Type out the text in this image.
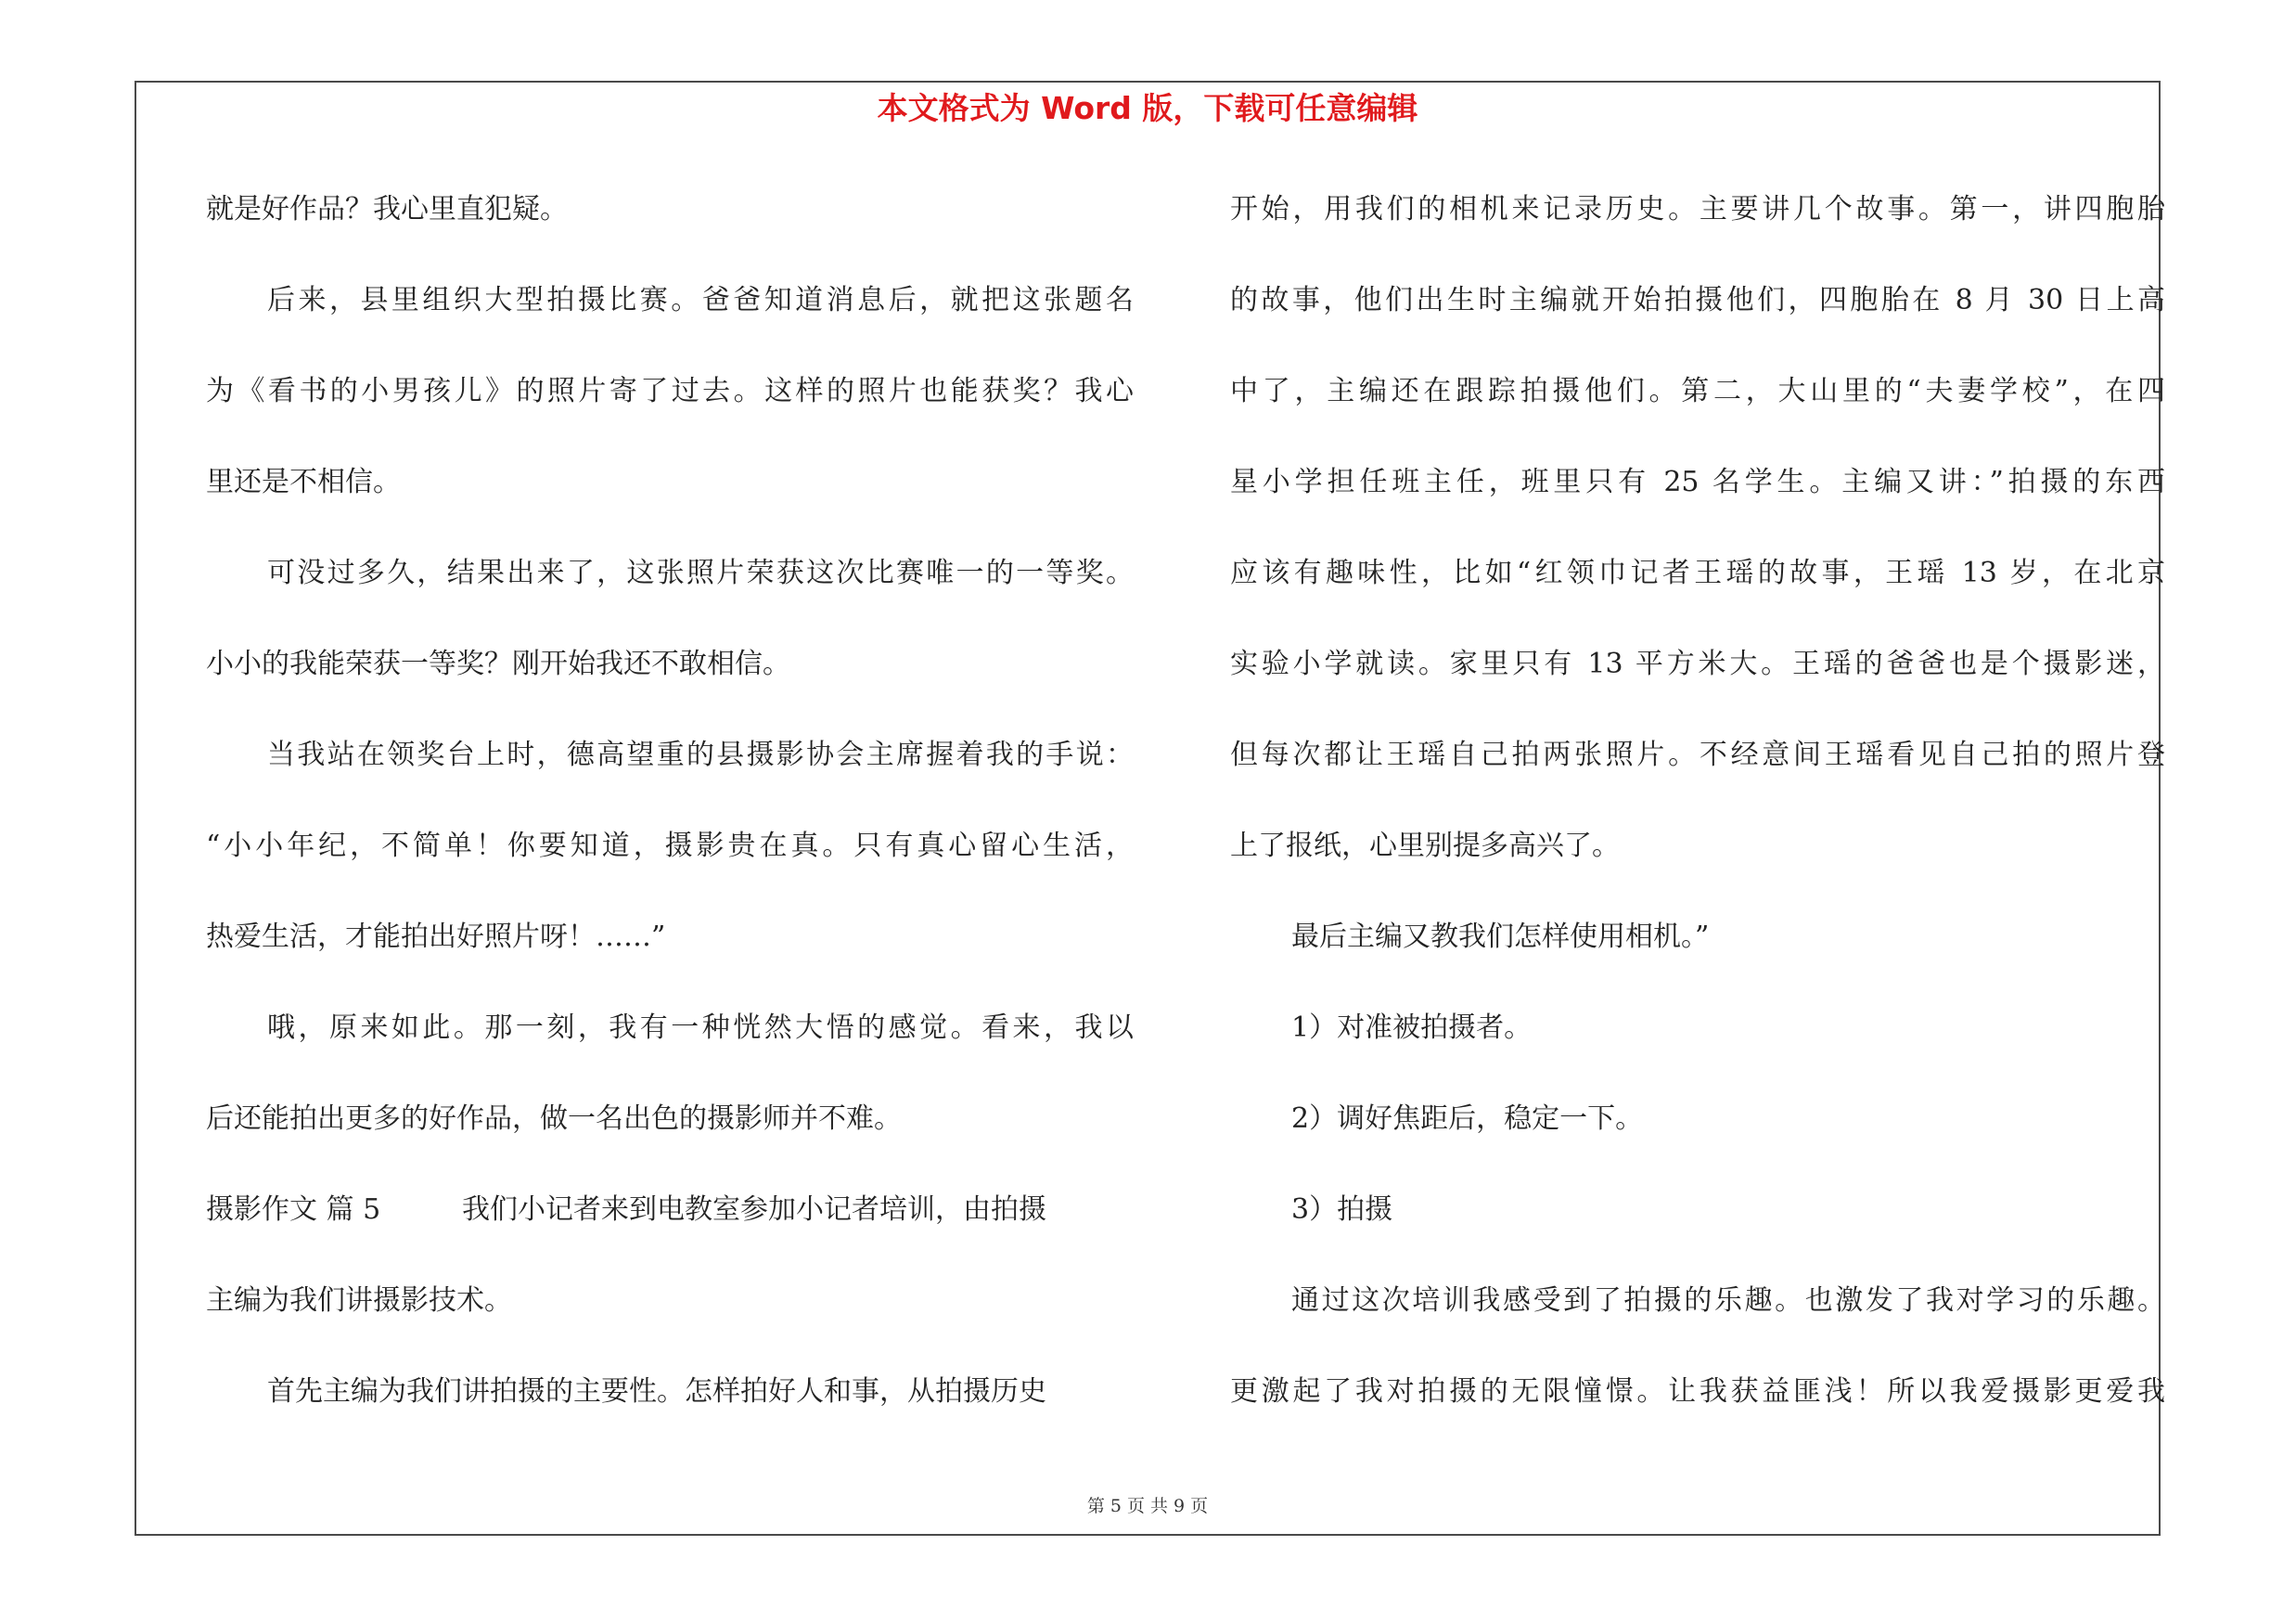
本文格式为 Word 版，下载可任意编辑
就是好作品？我心里直犯疑。
后来，县里组织大型拍摄比赛。爸爸知道消息后，就把这张题名
为《看书的小男孩儿》的照片寄了过去。这样的照片也能获奖？我心
里还是不相信。
可没过多久，结果出来了，这张照片荣获这次比赛唯一的一等奖。
小小的我能荣获一等奖？刚开始我还不敢相信。
当我站在领奖台上时，德高望重的县摄影协会主席握着我的手说：
“小小年纪，不简单！你要知道，摄影贵在真。只有真心留心生活，
热爱生活，才能拍出好照片呀！……”
哦，原来如此。那一刻，我有一种恍然大悟的感觉。看来，我以
后还能拍出更多的好作品，做一名出色的摄影师并不难。
摄影作文 篇 5	我们小记者来到电教室参加小记者培训，由拍摄
主编为我们讲摄影技术。
首先主编为我们讲拍摄的主要性。怎样拍好人和事，从拍摄历史
开始，用我们的相机来记录历史。主要讲几个故事。第一，讲四胞胎
的故事，他们出生时主编就开始拍摄他们，四胞胎在 8 月 30 日上高
中了，主编还在跟踪拍摄他们。第二，大山里的“夫妻学校”，在四
星小学担任班主任，班里只有 25 名学生。主编又讲：”拍摄的东西
应该有趣味性，比如“红领巾记者王瑶的故事，王瑶 13 岁，在北京
实验小学就读。家里只有 13 平方米大。王瑶的爸爸也是个摄影迷，
但每次都让王瑶自己拍两张照片。不经意间王瑶看见自己拍的照片登
上了报纸，心里别提多高兴了。
最后主编又教我们怎样使用相机。”
1）对准被拍摄者。
2）调好焦距后，稳定一下。
3）拍摄
通过这次培训我感受到了拍摄的乐趣。也激发了我对学习的乐趣。
更激起了我对拍摄的无限憧憬。让我获益匪浅！所以我爱摄影更爱我
第 5 页 共 9 页
